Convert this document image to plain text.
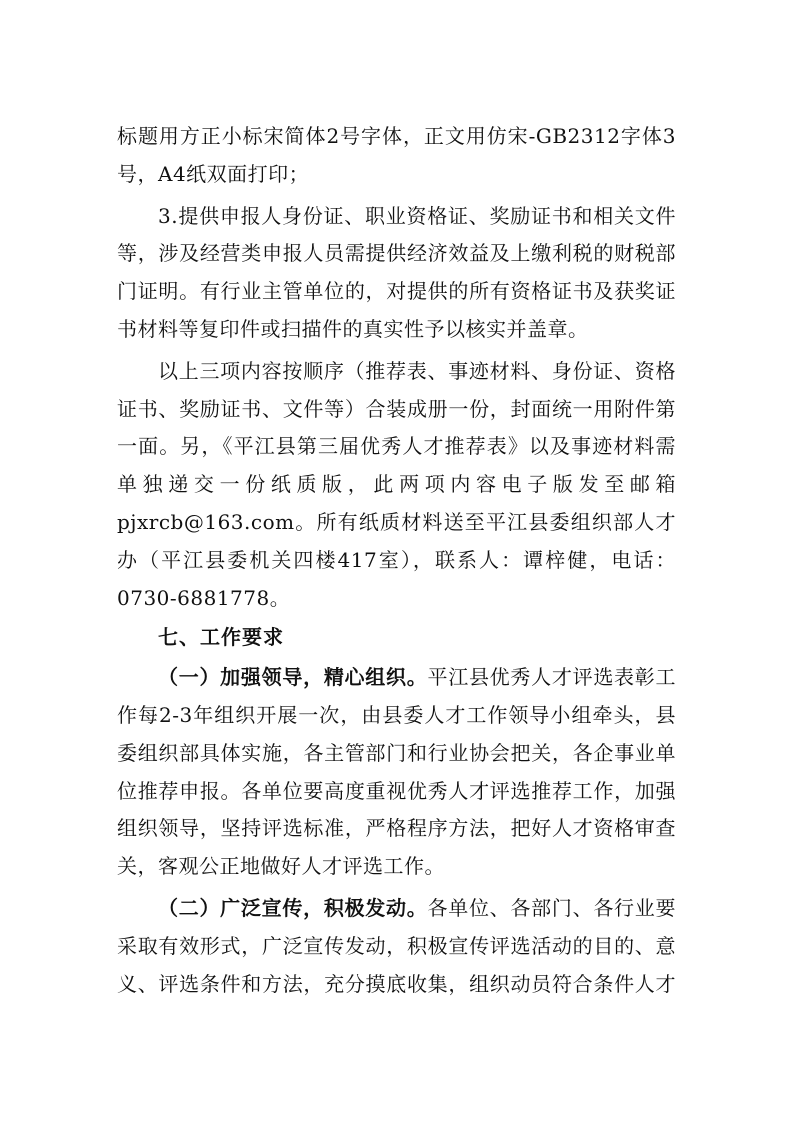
标题用方正小标宋简体2号字体，正文用仿宋-GB2312字体3号，A4纸双面打印；

3.提供申报人身份证、职业资格证、奖励证书和相关文件等，涉及经营类申报人员需提供经济效益及上缴利税的财税部门证明。有行业主管单位的，对提供的所有资格证书及获奖证书材料等复印件或扫描件的真实性予以核实并盖章。

以上三项内容按顺序（推荐表、事迹材料、身份证、资格证书、奖励证书、文件等）合装成册一份，封面统一用附件第一面。另，《平江县第三届优秀人才推荐表》以及事迹材料需单独递交一份纸质版，此两项内容电子版发至邮箱pjxrcb@163.com。所有纸质材料送至平江县委组织部人才办（平江县委机关四楼417室），联系人：谭梓健，电话：0730-6881778。

七、工作要求

（一）加强领导，精心组织。平江县优秀人才评选表彰工作每2-3年组织开展一次，由县委人才工作领导小组牵头，县委组织部具体实施，各主管部门和行业协会把关，各企事业单位推荐申报。各单位要高度重视优秀人才评选推荐工作，加强组织领导，坚持评选标准，严格程序方法，把好人才资格审查关，客观公正地做好人才评选工作。

（二）广泛宣传，积极发动。各单位、各部门、各行业要采取有效形式，广泛宣传发动，积极宣传评选活动的目的、意义、评选条件和方法，充分摸底收集，组织动员符合条件人才
